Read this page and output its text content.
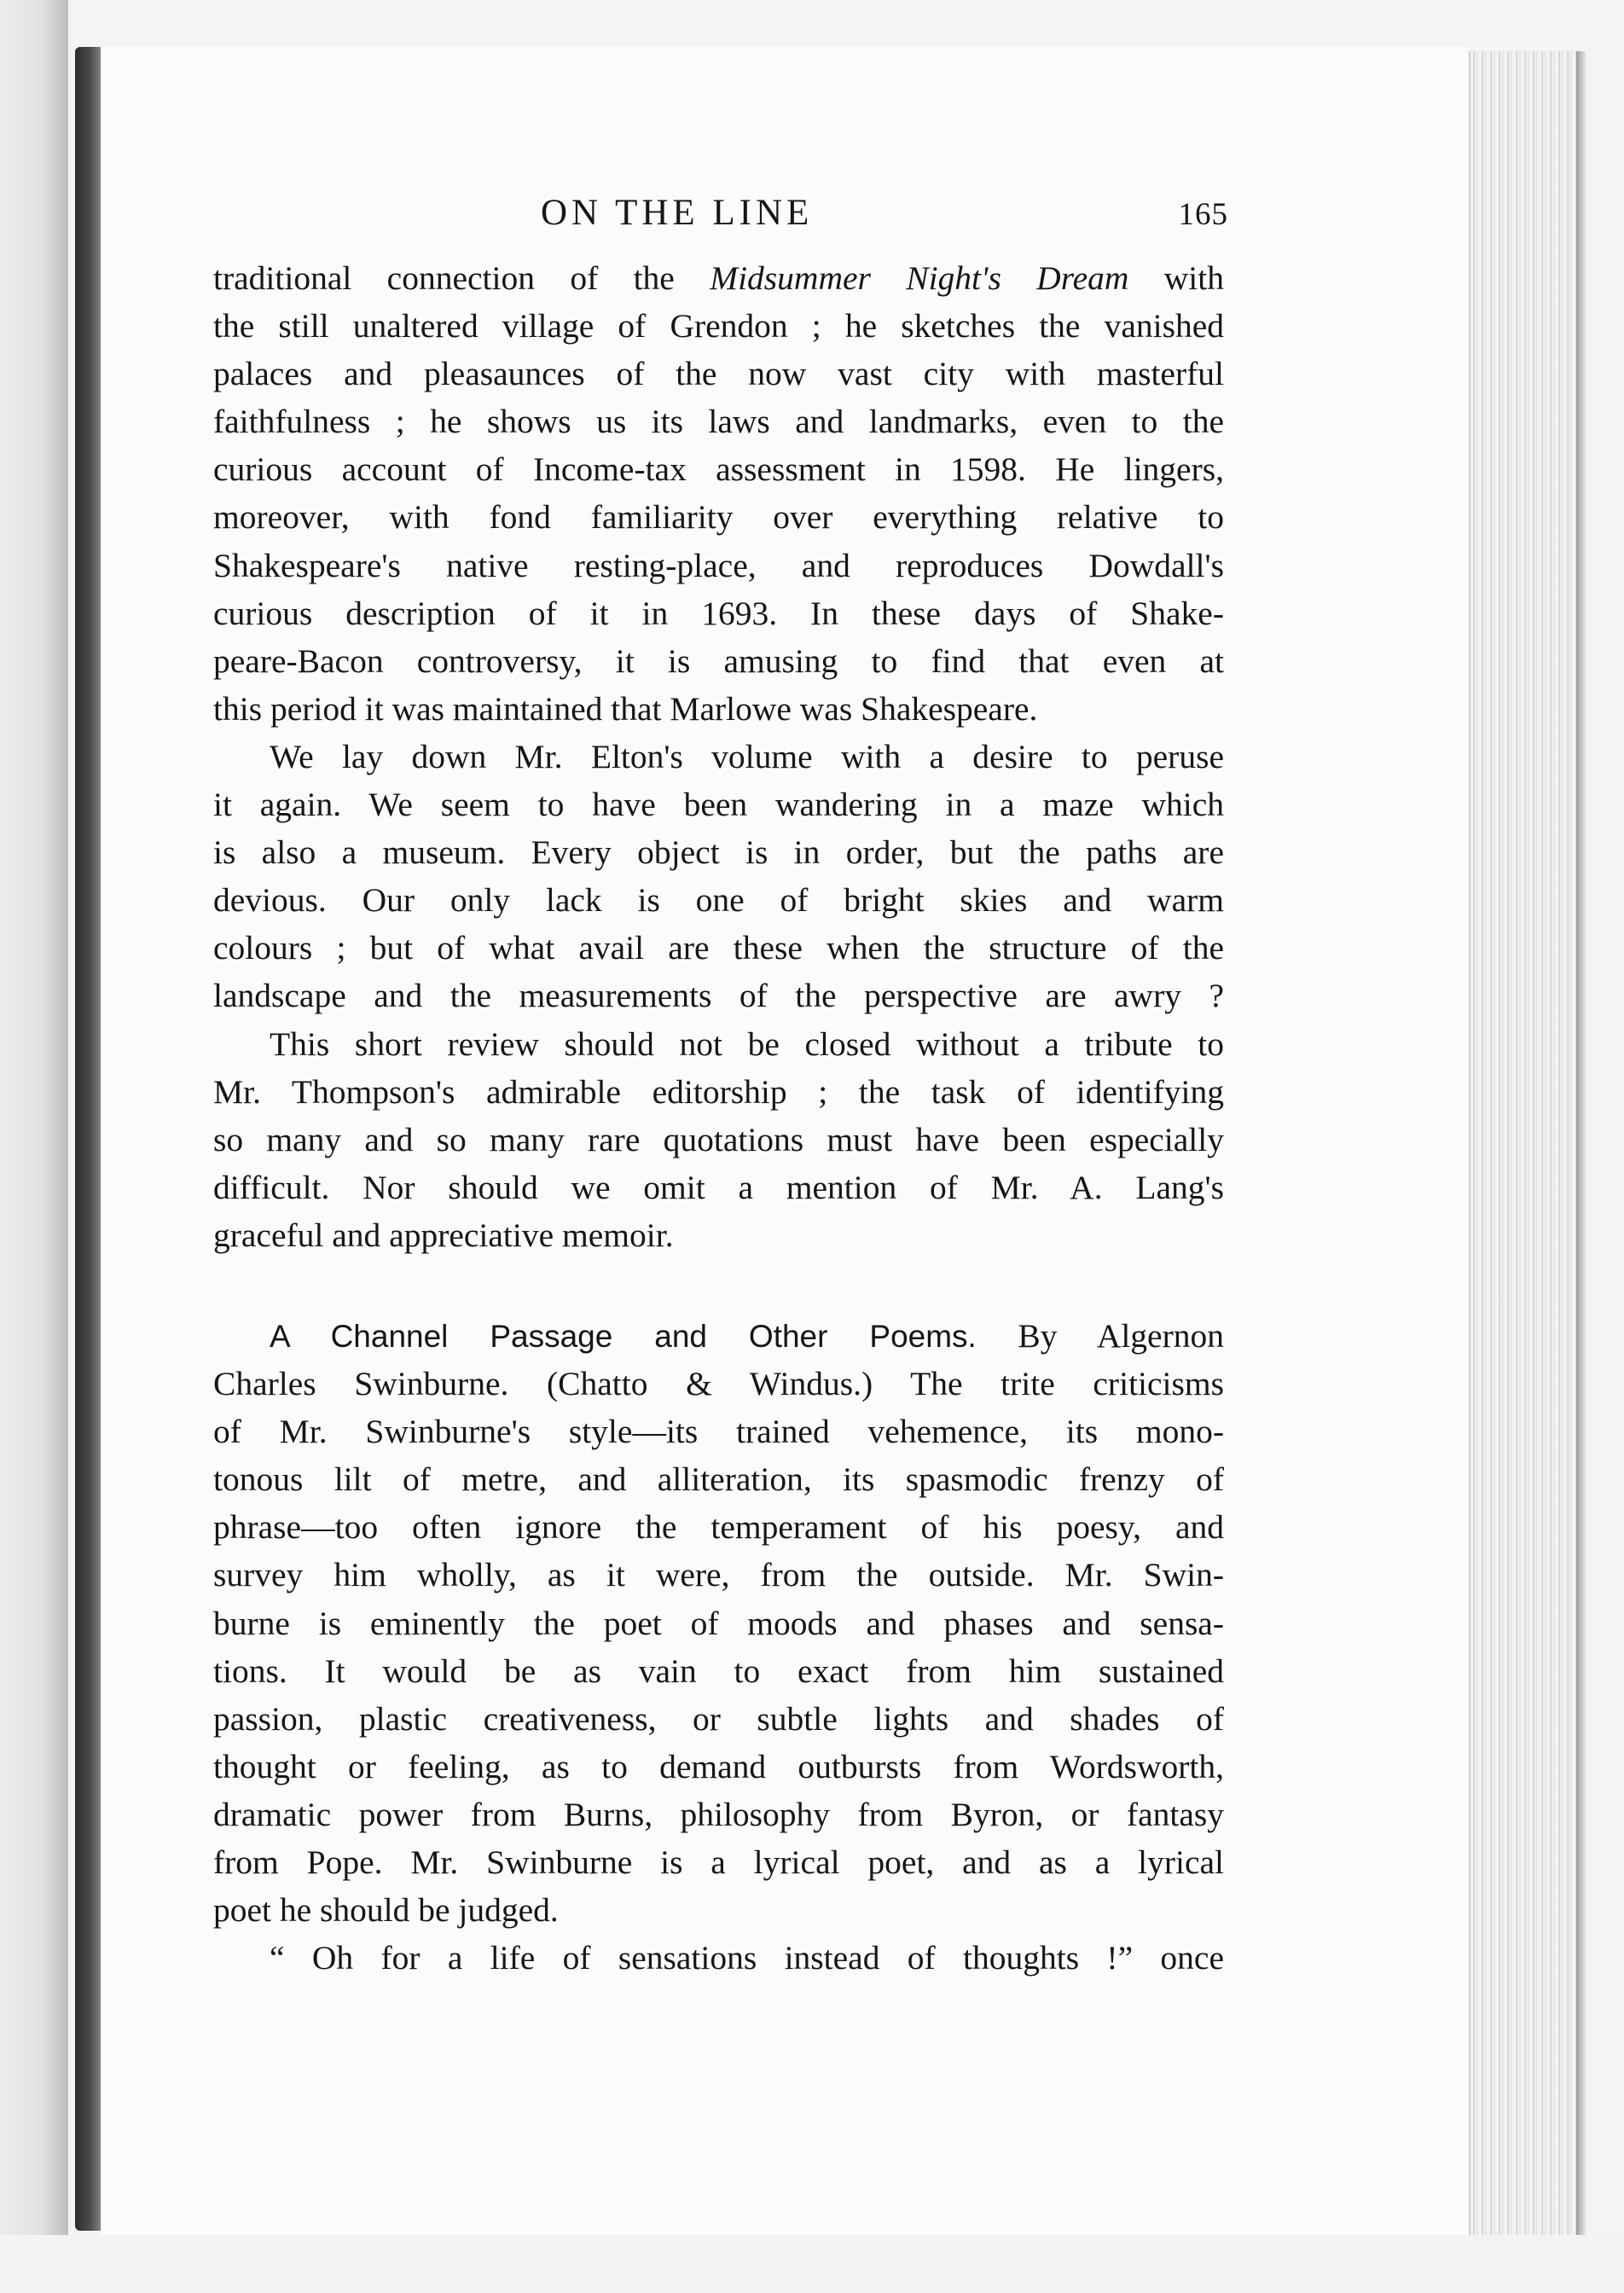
ON THE LINE	165
traditional connection of the Midsummer Night's Dream with
the still unaltered village of Grendon ; he sketches the vanished
palaces and pleasaunces of the now vast city with masterful
faithfulness ; he shows us its laws and landmarks, even to the
curious account of Income-tax assessment in 1598. He lingers,
moreover, with fond familiarity over everything relative to
Shakespeare's native resting-place, and reproduces Dowdall's
curious description of it in 1693. In these days of Shake-
peare-Bacon controversy, it is amusing to find that even at
this period it was maintained that Marlowe was Shakespeare.
We lay down Mr. Elton's volume with a desire to peruse
it again. We seem to have been wandering in a maze which
is also a museum. Every object is in order, but the paths are
devious. Our only lack is one of bright skies and warm
colours ; but of what avail are these when the structure of the
landscape and the measurements of the perspective are awry ?
This short review should not be closed without a tribute to
Mr. Thompson's admirable editorship ; the task of identifying
so many and so many rare quotations must have been especially
difficult. Nor should we omit a mention of Mr. A. Lang's
graceful and appreciative memoir.
A Channel Passage and Other Poems. By Algernon
Charles Swinburne. (Chatto & Windus.) The trite criticisms
of Mr. Swinburne's style—its trained vehemence, its mono-
tonous lilt of metre, and alliteration, its spasmodic frenzy of
phrase—too often ignore the temperament of his poesy, and
survey him wholly, as it were, from the outside. Mr. Swin-
burne is eminently the poet of moods and phases and sensa-
tions. It would be as vain to exact from him sustained
passion, plastic creativeness, or subtle lights and shades of
thought or feeling, as to demand outbursts from Wordsworth,
dramatic power from Burns, philosophy from Byron, or fantasy
from Pope. Mr. Swinburne is a lyrical poet, and as a lyrical
poet he should be judged.
“ Oh for a life of sensations instead of thoughts !” once
